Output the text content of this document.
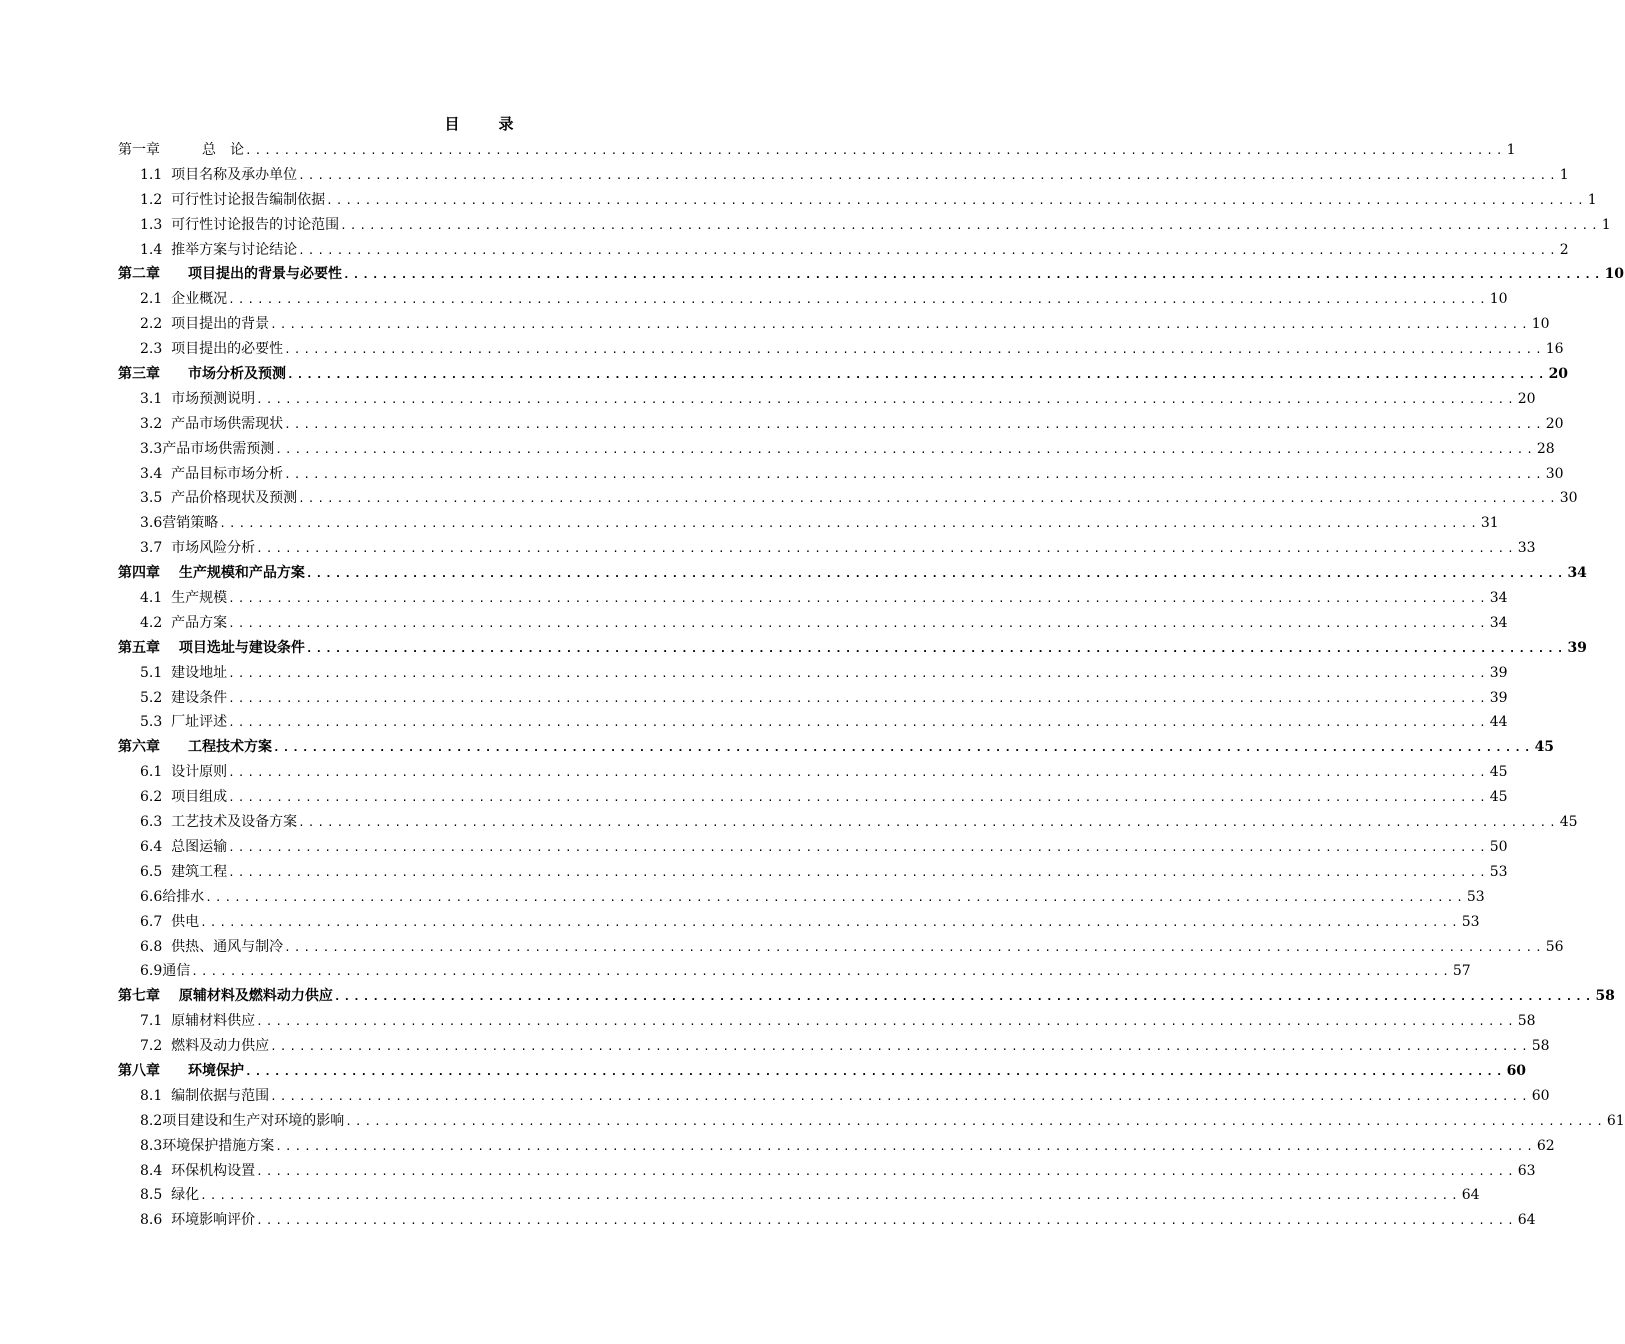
目　录
第一章　　　总　论 ................................................................................................................................... 1
1.1  项目名称及承办单位 ................................................................................................................................... 1
1.2  可行性讨论报告编制依据 ................................................................................................................................... 1
1.3  可行性讨论报告的讨论范围 ................................................................................................................................... 1
1.4  推举方案与讨论结论 ................................................................................................................................... 2
第二章　　项目提出的背景与必要性 ................................................................................................................................... 10
2.1  企业概况 ................................................................................................................................... 10
2.2  项目提出的背景 ................................................................................................................................... 10
2.3  项目提出的必要性 ................................................................................................................................... 16
第三章　　市场分析及预测 ................................................................................................................................... 20
3.1  市场预测说明 ................................................................................................................................... 20
3.2  产品市场供需现状 ................................................................................................................................... 20
3.3产品市场供需预测 ................................................................................................................................... 28
3.4  产品目标市场分析 ................................................................................................................................... 30
3.5  产品价格现状及预测 ................................................................................................................................... 30
3.6营销策略 ................................................................................................................................... 31
3.7  市场风险分析 ................................................................................................................................... 33
第四章　 生产规模和产品方案 ................................................................................................................................... 34
4.1  生产规模 ................................................................................................................................... 34
4.2  产品方案 ................................................................................................................................... 34
第五章　 项目选址与建设条件 ................................................................................................................................... 39
5.1  建设地址 ................................................................................................................................... 39
5.2  建设条件 ................................................................................................................................... 39
5.3  厂址评述 ................................................................................................................................... 44
第六章　　工程技术方案 ................................................................................................................................... 45
6.1  设计原则 ................................................................................................................................... 45
6.2  项目组成 ................................................................................................................................... 45
6.3  工艺技术及设备方案 ................................................................................................................................... 45
6.4  总图运输 ................................................................................................................................... 50
6.5  建筑工程 ................................................................................................................................... 53
6.6给排水 ................................................................................................................................... 53
6.7  供电 ................................................................................................................................... 53
6.8  供热、通风与制冷 ................................................................................................................................... 56
6.9通信 ................................................................................................................................... 57
第七章　 原辅材料及燃料动力供应 ................................................................................................................................... 58
7.1  原辅材料供应 ................................................................................................................................... 58
7.2  燃料及动力供应 ................................................................................................................................... 58
第八章　　环境保护 ................................................................................................................................... 60
8.1  编制依据与范围 ................................................................................................................................... 60
8.2项目建设和生产对环境的影响 ................................................................................................................................... 61
8.3环境保护措施方案 ................................................................................................................................... 62
8.4  环保机构设置 ................................................................................................................................... 63
8.5  绿化 ................................................................................................................................... 64
8.6  环境影响评价 ................................................................................................................................... 64
